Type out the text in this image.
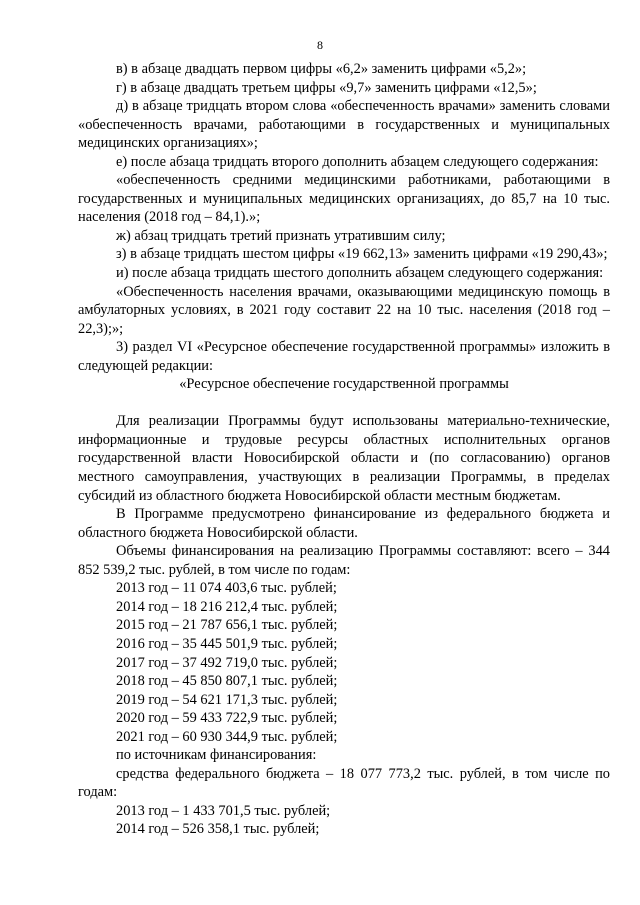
8

в) в абзаце двадцать первом цифры «6,2» заменить цифрами «5,2»;

г) в абзаце двадцать третьем цифры «9,7» заменить цифрами «12,5»;

д) в абзаце тридцать втором слова «обеспеченность врачами» заменить словами «обеспеченность врачами, работающими в государственных и муниципальных медицинских организациях»;

е) после абзаца тридцать второго дополнить абзацем следующего содержания:

«обеспеченность средними медицинскими работниками, работающими в государственных и муниципальных медицинских организациях, до 85,7 на 10 тыс. населения (2018 год – 84,1).»;

ж) абзац тридцать третий признать утратившим силу;

з) в абзаце тридцать шестом цифры «19 662,13» заменить цифрами «19 290,43»;

и) после абзаца тридцать шестого дополнить абзацем следующего содержания:

«Обеспеченность населения врачами, оказывающими медицинскую помощь в амбулаторных условиях, в 2021 году составит 22 на 10 тыс. населения (2018 год – 22,3);»;

3) раздел VI «Ресурсное обеспечение государственной программы» изложить в следующей редакции:

«Ресурсное обеспечение государственной программы

Для реализации Программы будут использованы материально-технические, информационные и трудовые ресурсы областных исполнительных органов государственной власти Новосибирской области и (по согласованию) органов местного самоуправления, участвующих в реализации Программы, в пределах субсидий из областного бюджета Новосибирской области местным бюджетам.

В Программе предусмотрено финансирование из федерального бюджета и областного бюджета Новосибирской области.

Объемы финансирования на реализацию Программы составляют: всего – 344 852 539,2 тыс. рублей, в том числе по годам:

2013 год – 11 074 403,6 тыс. рублей;

2014 год – 18 216 212,4 тыс. рублей;

2015 год – 21 787 656,1 тыс. рублей;

2016 год – 35 445 501,9 тыс. рублей;

2017 год – 37 492 719,0 тыс. рублей;

2018 год – 45 850 807,1 тыс. рублей;

2019 год – 54 621 171,3 тыс. рублей;

2020 год – 59 433 722,9 тыс. рублей;

2021 год – 60 930 344,9 тыс. рублей;

по источникам финансирования:

средства федерального бюджета – 18 077 773,2 тыс. рублей, в том числе по годам:

2013 год – 1 433 701,5 тыс. рублей;

2014 год – 526 358,1 тыс. рублей;
